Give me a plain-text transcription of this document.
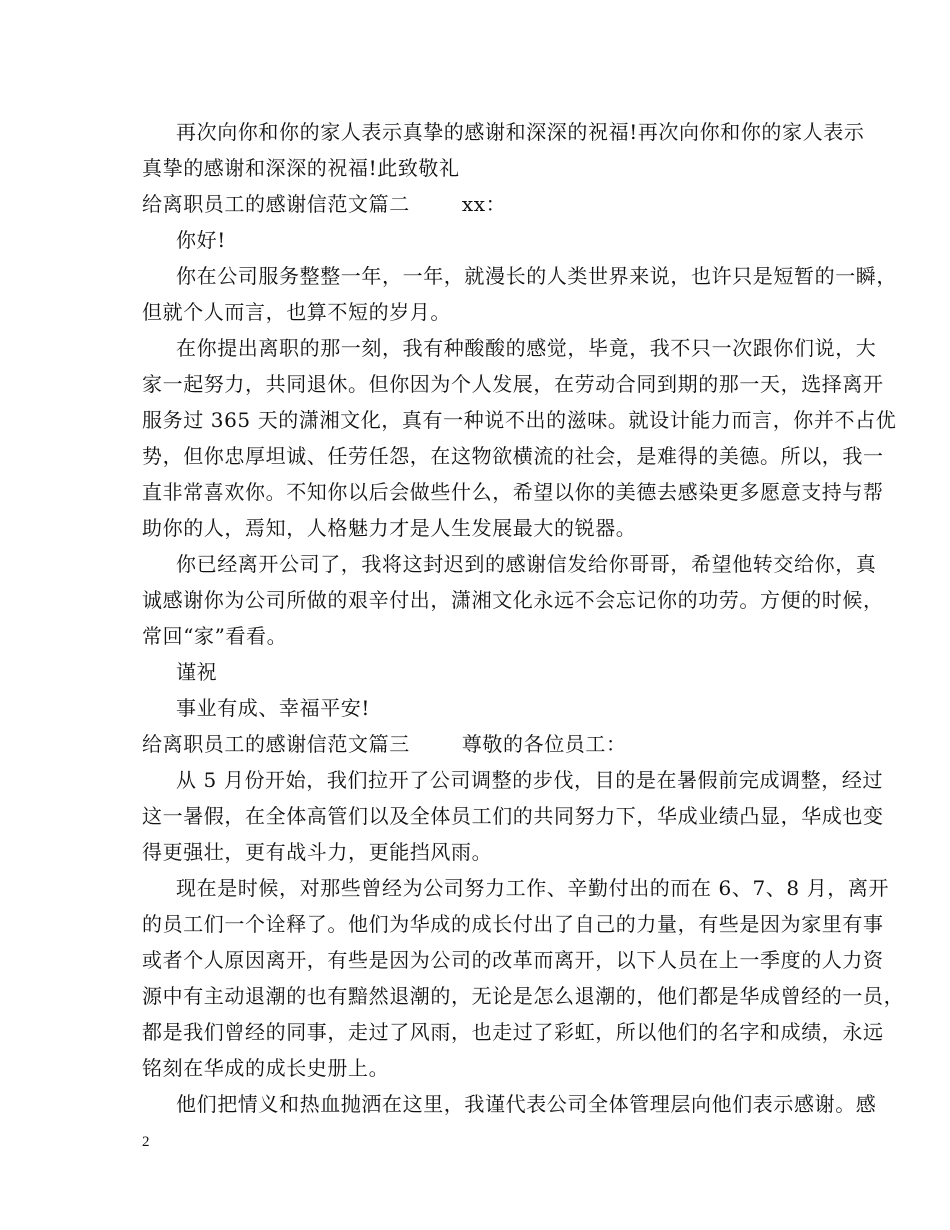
再次向你和你的家人表示真挚的感谢和深深的祝福!再次向你和你的家人表示
真挚的感谢和深深的祝福!此致敬礼
给离职员工的感谢信范文篇二	xx：
你好!
你在公司服务整整一年，一年，就漫长的人类世界来说，也许只是短暂的一瞬，
但就个人而言，也算不短的岁月。
在你提出离职的那一刻，我有种酸酸的感觉，毕竟，我不只一次跟你们说，大
家一起努力，共同退休。但你因为个人发展，在劳动合同到期的那一天，选择离开
服务过 365 天的潇湘文化，真有一种说不出的滋味。就设计能力而言，你并不占优
势，但你忠厚坦诚、任劳任怨，在这物欲横流的社会，是难得的美德。所以，我一
直非常喜欢你。不知你以后会做些什么，希望以你的美德去感染更多愿意支持与帮
助你的人，焉知，人格魅力才是人生发展最大的锐器。
你已经离开公司了，我将这封迟到的感谢信发给你哥哥，希望他转交给你，真
诚感谢你为公司所做的艰辛付出，潇湘文化永远不会忘记你的功劳。方便的时候，
常回“家”看看。
谨祝
事业有成、幸福平安!
给离职员工的感谢信范文篇三	尊敬的各位员工：
从 5 月份开始，我们拉开了公司调整的步伐，目的是在暑假前完成调整，经过
这一暑假，在全体高管们以及全体员工们的共同努力下，华成业绩凸显，华成也变
得更强壮，更有战斗力，更能挡风雨。
现在是时候，对那些曾经为公司努力工作、辛勤付出的而在 6、7、8 月，离开
的员工们一个诠释了。他们为华成的成长付出了自己的力量，有些是因为家里有事
或者个人原因离开，有些是因为公司的改革而离开，以下人员在上一季度的人力资
源中有主动退潮的也有黯然退潮的，无论是怎么退潮的，他们都是华成曾经的一员，
都是我们曾经的同事，走过了风雨，也走过了彩虹，所以他们的名字和成绩，永远
铭刻在华成的成长史册上。
他们把情义和热血抛洒在这里，我谨代表公司全体管理层向他们表示感谢。感
2
